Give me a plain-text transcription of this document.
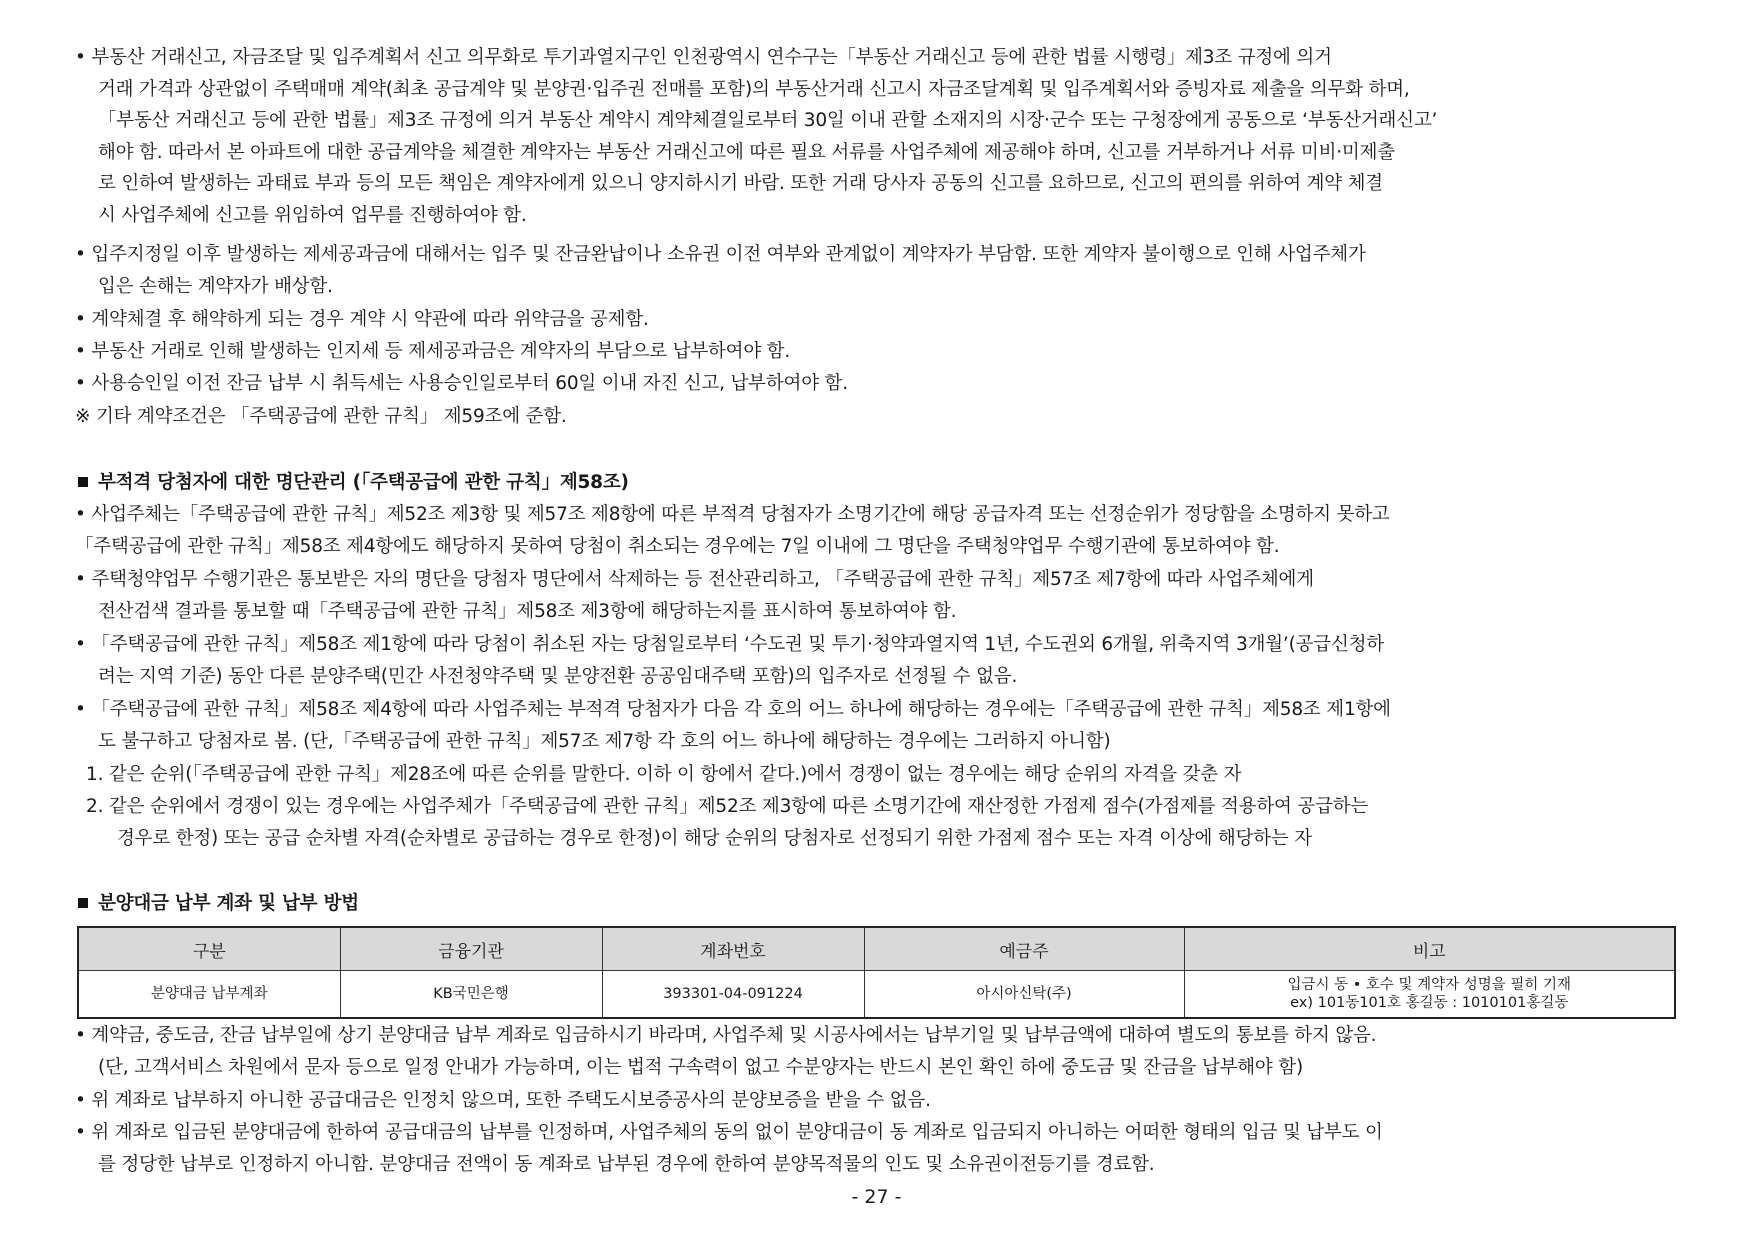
• 부동산 거래신고, 자금조달 및 입주계획서 신고 의무화로 투기과열지구인 인천광역시 연수구는「부동산 거래신고 등에 관한 법률 시행령」제3조 규정에 의거
거래 가격과 상관없이 주택매매 계약(최초 공급계약 및 분양권·입주권 전매를 포함)의 부동산거래 신고시 자금조달계획 및 입주계획서와 증빙자료 제출을 의무화 하며,
「부동산 거래신고 등에 관한 법률」제3조 규정에 의거 부동산 계약시 계약체결일로부터 30일 이내 관할 소재지의 시장·군수 또는 구청장에게 공동으로 ‘부동산거래신고’
해야 함. 따라서 본 아파트에 대한 공급계약을 체결한 계약자는 부동산 거래신고에 따른 필요 서류를 사업주체에 제공해야 하며, 신고를 거부하거나 서류 미비·미제출
로 인하여 발생하는 과태료 부과 등의 모든 책임은 계약자에게 있으니 양지하시기 바람. 또한 거래 당사자 공동의 신고를 요하므로, 신고의 편의를 위하여 계약 체결
시 사업주체에 신고를 위임하여 업무를 진행하여야 함.
• 입주지정일 이후 발생하는 제세공과금에 대해서는 입주 및 잔금완납이나 소유권 이전 여부와 관계없이 계약자가 부담함. 또한 계약자 불이행으로 인해 사업주체가
입은 손해는 계약자가 배상함.
• 계약체결 후 해약하게 되는 경우 계약 시 약관에 따라 위약금을 공제함.
• 부동산 거래로 인해 발생하는 인지세 등 제세공과금은 계약자의 부담으로 납부하여야 함.
• 사용승인일 이전 잔금 납부 시 취득세는 사용승인일로부터 60일 이내 자진 신고, 납부하여야 함.
※ 기타 계약조건은 「주택공급에 관한 규칙」 제59조에 준함.
부적격 당첨자에 대한 명단관리 (「주택공급에 관한 규칙」제58조)
• 사업주체는「주택공급에 관한 규칙」제52조 제3항 및 제57조 제8항에 따른 부적격 당첨자가 소명기간에 해당 공급자격 또는 선정순위가 정당함을 소명하지 못하고
「주택공급에 관한 규칙」제58조 제4항에도 해당하지 못하여 당첨이 취소되는 경우에는 7일 이내에 그 명단을 주택청약업무 수행기관에 통보하여야 함.
• 주택청약업무 수행기관은 통보받은 자의 명단을 당첨자 명단에서 삭제하는 등 전산관리하고, 「주택공급에 관한 규칙」제57조 제7항에 따라 사업주체에게
전산검색 결과를 통보할 때「주택공급에 관한 규칙」제58조 제3항에 해당하는지를 표시하여 통보하여야 함.
• 「주택공급에 관한 규칙」제58조 제1항에 따라 당첨이 취소된 자는 당첨일로부터 ‘수도권 및 투기·청약과열지역 1년, 수도권외 6개월, 위축지역 3개월’(공급신청하
려는 지역 기준) 동안 다른 분양주택(민간 사전청약주택 및 분양전환 공공임대주택 포함)의 입주자로 선정될 수 없음.
• 「주택공급에 관한 규칙」제58조 제4항에 따라 사업주체는 부적격 당첨자가 다음 각 호의 어느 하나에 해당하는 경우에는「주택공급에 관한 규칙」제58조 제1항에
도 불구하고 당첨자로 봄. (단,「주택공급에 관한 규칙」제57조 제7항 각 호의 어느 하나에 해당하는 경우에는 그러하지 아니함)
1. 같은 순위(「주택공급에 관한 규칙」제28조에 따른 순위를 말한다. 이하 이 항에서 같다.)에서 경쟁이 없는 경우에는 해당 순위의 자격을 갖춘 자
2. 같은 순위에서 경쟁이 있는 경우에는 사업주체가「주택공급에 관한 규칙」제52조 제3항에 따른 소명기간에 재산정한 가점제 점수(가점제를 적용하여 공급하는
경우로 한정) 또는 공급 순차별 자격(순차별로 공급하는 경우로 한정)이 해당 순위의 당첨자로 선정되기 위한 가점제 점수 또는 자격 이상에 해당하는 자
분양대금 납부 계좌 및 납부 방법
구분	금융기관	계좌번호	예금주	비고
분양대금 납부계좌	KB국민은행	393301-04-091224	아시아신탁(주)	입금시 동 • 호수 및 계약자 성명을 필히 기재
ex) 101동101호 홍길동 : 1010101홍길동
• 계약금, 중도금, 잔금 납부일에 상기 분양대금 납부 계좌로 입금하시기 바라며, 사업주체 및 시공사에서는 납부기일 및 납부금액에 대하여 별도의 통보를 하지 않음.
(단, 고객서비스 차원에서 문자 등으로 일정 안내가 가능하며, 이는 법적 구속력이 없고 수분양자는 반드시 본인 확인 하에 중도금 및 잔금을 납부해야 함)
• 위 계좌로 납부하지 아니한 공급대금은 인정치 않으며, 또한 주택도시보증공사의 분양보증을 받을 수 없음.
• 위 계좌로 입금된 분양대금에 한하여 공급대금의 납부를 인정하며, 사업주체의 동의 없이 분양대금이 동 계좌로 입금되지 아니하는 어떠한 형태의 입금 및 납부도 이
를 정당한 납부로 인정하지 아니함. 분양대금 전액이 동 계좌로 납부된 경우에 한하여 분양목적물의 인도 및 소유권이전등기를 경료함.
- 27 -
